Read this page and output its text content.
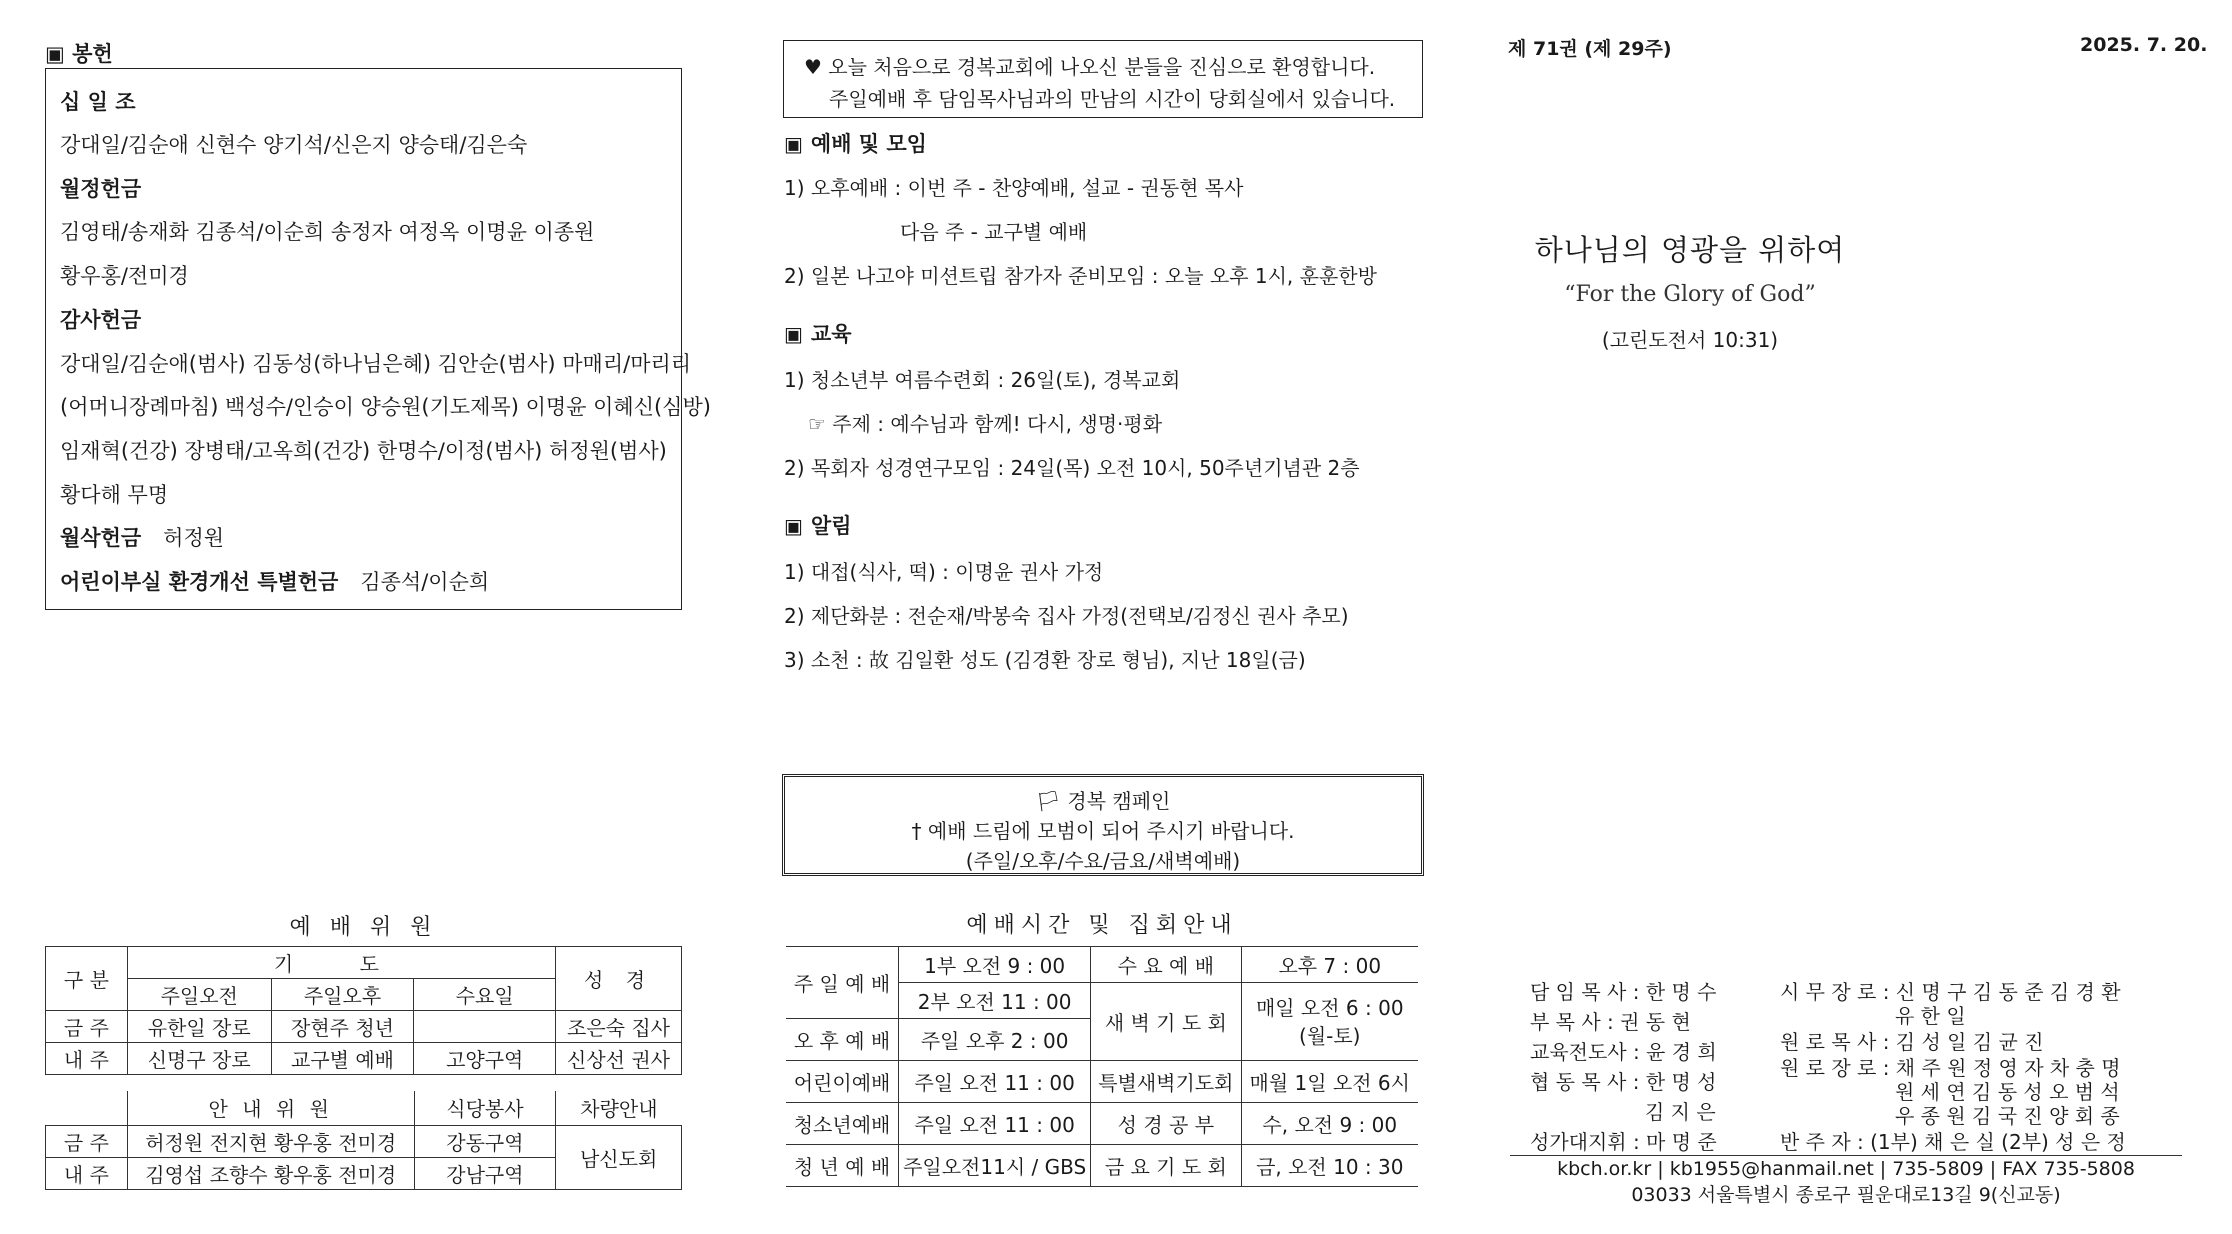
▣ 봉헌
십 일 조
강대일/김순애 신현수 양기석/신은지 양승태/김은숙
월정헌금
김영태/송재화 김종석/이순희 송정자 여정옥 이명윤 이종원
황우홍/전미경
감사헌금
강대일/김순애(범사) 김동성(하나님은혜) 김안순(범사) 마매리/마리리
(어머니장례마침) 백성수/인승이 양승원(기도제목) 이명윤 이혜신(심방)
임재혁(건강) 장병태/고옥희(건강) 한명수/이정(범사) 허정원(범사)
황다해 무명
월삭헌금 허정원
어린이부실 환경개선 특별헌금 김종석/이순희
예 배 위 원
구 분	기 도			성 경
	주일오전	주일오후	수요일	
금 주	유한일 장로	장현주 청년		조은숙 집사
내 주	신명구 장로	교구별 예배	고양구역	신상선 권사
	안 내 위 원	식당봉사	차량안내
금 주	허정원 전지현 황우홍 전미경	강동구역	남신도회
내 주	김영섭 조향수 황우홍 전미경	강남구역	
♥ 오늘 처음으로 경복교회에 나오신 분들을 진심으로 환영합니다.
주일예배 후 담임목사님과의 만남의 시간이 당회실에서 있습니다.
▣ 예배 및 모임
1) 오후예배 : 이번 주 - 찬양예배, 설교 - 권동현 목사
다음 주 - 교구별 예배
2) 일본 나고야 미션트립 참가자 준비모임 : 오늘 오후 1시, 훈훈한방
▣ 교육
1) 청소년부 여름수련회 : 26일(토), 경복교회
☞ 주제 : 예수님과 함께! 다시, 생명·평화
2) 목회자 성경연구모임 : 24일(목) 오전 10시, 50주년기념관 2층
▣ 알림
1) 대접(식사, 떡) : 이명윤 권사 가정
2) 제단화분 : 전순재/박봉숙 집사 가정(전택보/김정신 권사 추모)
3) 소천 : 故 김일환 성도 (김경환 장로 형님), 지난 18일(금)
🏳 경복 캠페인
† 예배 드림에 모범이 되어 주시기 바랍니다.
(주일/오후/수요/금요/새벽예배)
예배시간 및 집회안내
주 일 예 배	1부 오전 9 : 00	수 요 예 배	오후 7 : 00
	2부 오전 11 : 00	새 벽 기 도 회	매일 오전 6 : 00
(월-토)

오 후 예 배	주일 오후 2 : 00		
어린이예배	주일 오전 11 : 00	특별새벽기도회	매월 1일 오전 6시
청소년예배	주일 오전 11 : 00	성 경 공 부	수, 오전 9 : 00
청 년 예 배	주일오전11시 / GBS	금 요 기 도 회	금, 오전 10 : 30
제 71권 (제 29주)	2025. 7. 20.
하나님의 영광을 위하여
“For the Glory of God”
(고린도전서 10:31)
담 임 목 사 : 한 명 수
부 목 사 : 권 동 현
교육전도사 : 윤 경 희
협 동 목 사 : 한 명 성
김 지 은
성가대지휘 : 마 명 준
시 무 장 로 : 신 명 구 김 동 준 김 경 환
유 한 일
원 로 목 사 : 김 성 일 김 균 진
원 로 장 로 : 채 주 원 정 영 자 차 충 명
원 세 연 김 동 성 오 범 석
우 종 원 김 국 진 양 회 종
반 주 자 : (1부) 채 은 실 (2부) 성 은 정
kbch.or.kr | kb1955@hanmail.net | 735-5809 | FAX 735-5808
03033 서울특별시 종로구 필운대로13길 9(신교동)
